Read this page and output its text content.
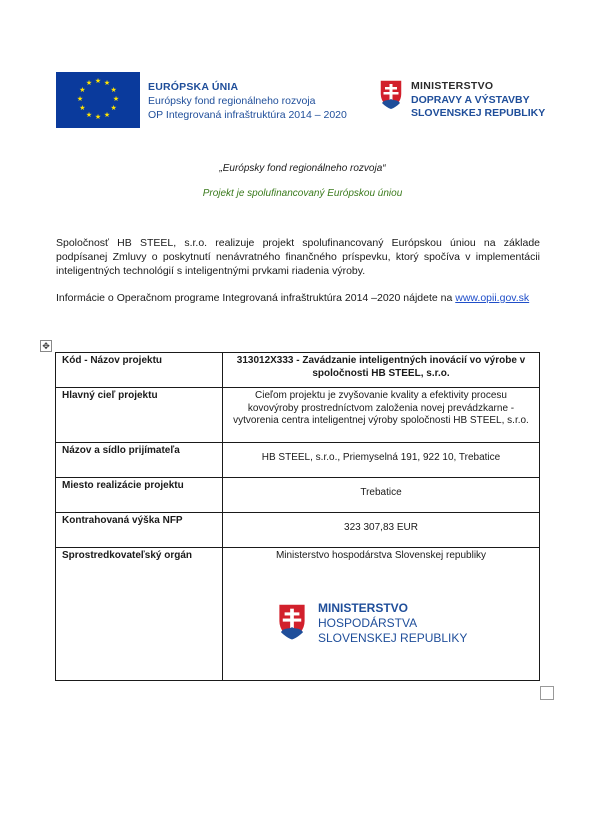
★ ★
★
★
★
★
★
★
★
★
★
★	EURÓPSKA ÚNIA
Európsky fond regionálneho rozvoja
OP Integrovaná infraštruktúra 2014 – 2020
MINISTERSTVO
DOPRAVY A VÝSTAVBY
SLOVENSKEJ REPUBLIKY
„Európsky fond regionálneho rozvoja“
Projekt je spolufinancovaný Európskou úniou
Spoločnosť HB STEEL, s.r.o. realizuje projekt spolufinancovaný Európskou úniou na základe podpísanej Zmluvy o poskytnutí nenávratného finančného príspevku, ktorý spočíva v implementácii inteligentných technológií s inteligentnými prvkami riadenia výroby.
Informácie o Operačnom programe Integrovaná infraštruktúra 2014 –2020 nájdete na www.opii.gov.sk
✥
Kód - Názov projektu	313012X333 - Zavádzanie inteligentných inovácií vo výrobe v spoločnosti HB STEEL, s.r.o.
Hlavný cieľ projektu	Cieľom projektu je zvyšovanie kvality a efektivity procesu kovovýroby prostredníctvom založenia novej prevádzkarne - vytvorenia centra inteligentnej výroby spoločnosti HB STEEL, s.r.o.
Názov a sídlo prijímateľa	HB STEEL, s.r.o., Priemyselná 191, 922 10, Trebatice

Miesto realizácie projektu	Trebatice

Kontrahovaná výška NFP	323 307,83 EUR

Sprostredkovateľský orgán	Ministerstvo hospodárstva Slovenskej republiky
MINISTERSTVO
HOSPODÁRSTVA
SLOVENSKEJ REPUBLIKY
